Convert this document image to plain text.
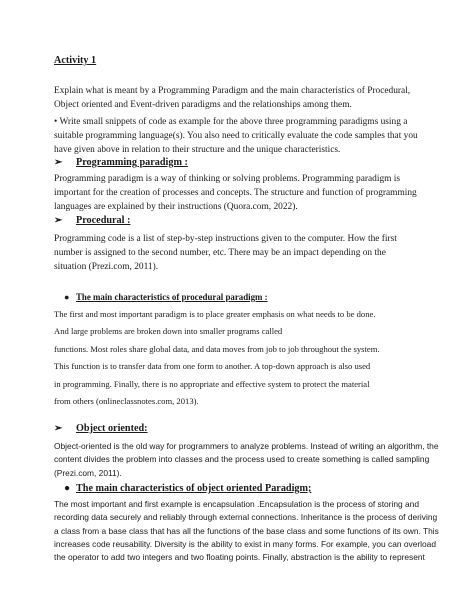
Activity 1
Explain what is meant by a Programming Paradigm and the main characteristics of Procedural,
Object oriented and Event-driven paradigms and the relationships among them.
• Write small snippets of code as example for the above three programming paradigms using a
suitable programming language(s). You also need to critically evaluate the code samples that you
have given above in relation to their structure and the unique characteristics.
➢ Programming paradigm :
Programming paradigm is a way of thinking or solving problems. Programming paradigm is
important for the creation of processes and concepts. The structure and function of programming
languages are explained by their instructions (Quora.com, 2022).
➢ Procedural :
Programming code is a list of step-by-step instructions given to the computer. How the first
number is assigned to the second number, etc. There may be an impact depending on the
situation (Prezi.com, 2011).
● The main characteristics of procedural paradigm :
The first and most important paradigm is to place greater emphasis on what needs to be done.
And large problems are broken down into smaller programs called
functions. Most roles share global data, and data moves from job to job throughout the system.
This function is to transfer data from one form to another. A top-down approach is also used
in programming. Finally, there is no appropriate and effective system to protect the material
from others (onlineclassnotes.com, 2013).
➢ Object oriented:
Object-oriented is the old way for programmers to analyze problems. Instead of writing an algorithm, the
content divides the problem into classes and the process used to create something is called sampling
(Prezi.com, 2011).
● The main characteristics of object oriented Paradigm;
The most important and first example is encapsulation .Encapsulation is the process of storing and
recording data securely and reliably through external connections. Inheritance is the process of deriving
a class from a base class that has all the functions of the base class and some functions of its own. This
increases code reusability. Diversity is the ability to exist in many forms. For example, you can overload
the operator to add two integers and two floating points. Finally, abstraction is the ability to represent
